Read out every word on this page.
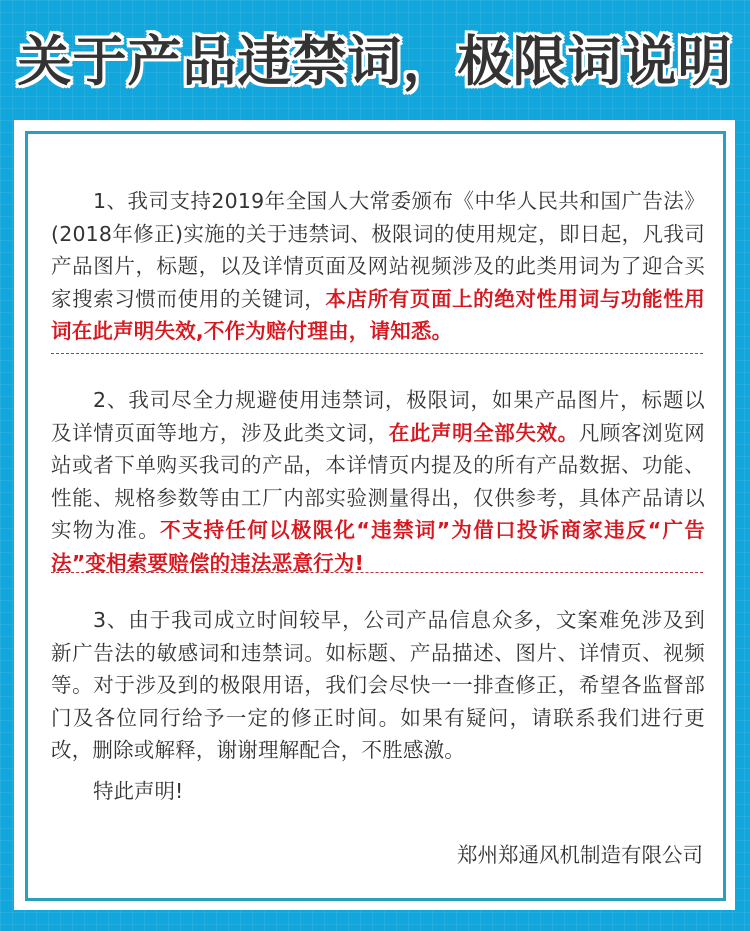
关于产品违禁词，极限词说明
1、我司支持2019年全国人大常委颁布《中华人民共和国广告法》(2018年修正)实施的关于违禁词、极限词的使用规定，即日起，凡我司产品图片，标题，以及详情页面及网站视频涉及的此类用词为了迎合买家搜索习惯而使用的关键词，本店所有页面上的绝对性用词与功能性用词在此声明失效,不作为赔付理由，请知悉。
2、我司尽全力规避使用违禁词，极限词，如果产品图片，标题以及详情页面等地方，涉及此类文词，在此声明全部失效。凡顾客浏览网站或者下单购买我司的产品，本详情页内提及的所有产品数据、功能、性能、规格参数等由工厂内部实验测量得出，仅供参考，具体产品请以实物为准。不支持任何以极限化“违禁词”为借口投诉商家违反“广告法”变相索要赔偿的违法恶意行为!
3、由于我司成立时间较早，公司产品信息众多，文案难免涉及到新广告法的敏感词和违禁词。如标题、产品描述、图片、详情页、视频等。对于涉及到的极限用语，我们会尽快一一排查修正，希望各监督部门及各位同行给予一定的修正时间。如果有疑问，请联系我们进行更改，删除或解释，谢谢理解配合，不胜感激。
特此声明!
郑州郑通风机制造有限公司
